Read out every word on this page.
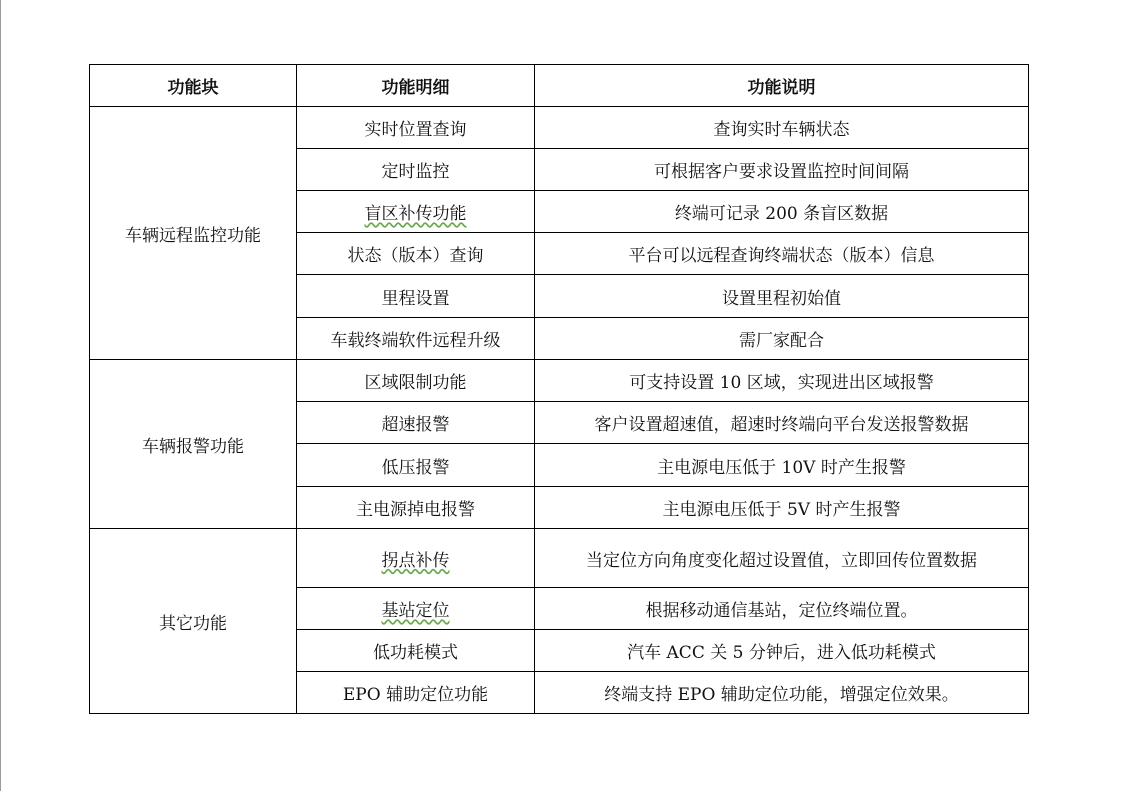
功能块	功能明细	功能说明
车辆远程监控功能	实时位置查询	查询实时车辆状态
	定时监控	可根据客户要求设置监控时间间隔
	盲区补传功能	终端可记录 200 条盲区数据
	状态（版本）查询	平台可以远程查询终端状态（版本）信息
	里程设置	设置里程初始值
	车载终端软件远程升级	需厂家配合
车辆报警功能	区域限制功能	可支持设置 10 区域，实现进出区域报警
	超速报警	客户设置超速值，超速时终端向平台发送报警数据
	低压报警	主电源电压低于 10V 时产生报警
	主电源掉电报警	主电源电压低于 5V 时产生报警
其它功能	拐点补传	当定位方向角度变化超过设置值，立即回传位置数据
	基站定位	根据移动通信基站，定位终端位置。
	低功耗模式	汽车 ACC 关 5 分钟后，进入低功耗模式
	EPO 辅助定位功能	终端支持 EPO 辅助定位功能，增强定位效果。
